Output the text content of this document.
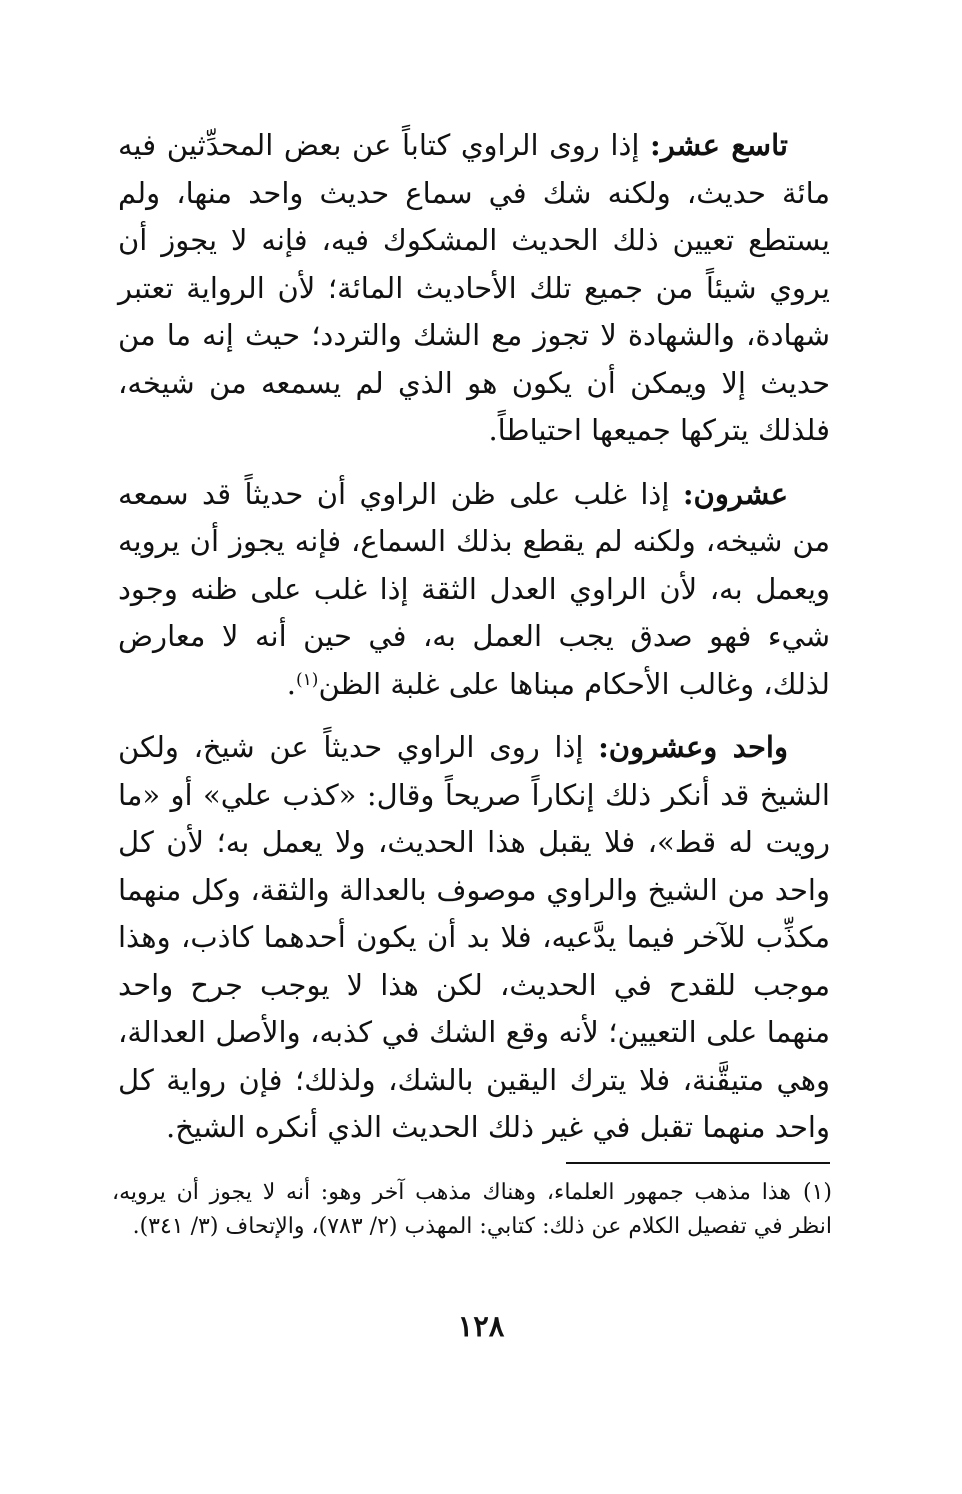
تاسع عشر: إذا روى الراوي كتاباً عن بعض المحدِّثين فيه مائة حديث، ولكنه شك في سماع حديث واحد منها، ولم يستطع تعيين ذلك الحديث المشكوك فيه، فإنه لا يجوز أن يروي شيئاً من جميع تلك الأحاديث المائة؛ لأن الرواية تعتبر شهادة، والشهادة لا تجوز مع الشك والتردد؛ حيث إنه ما من حديث إلا ويمكن أن يكون هو الذي لم يسمعه من شيخه، فلذلك يتركها جميعها احتياطاً.

عشرون: إذا غلب على ظن الراوي أن حديثاً قد سمعه من شيخه، ولكنه لم يقطع بذلك السماع، فإنه يجوز أن يرويه ويعمل به، لأن الراوي العدل الثقة إذا غلب على ظنه وجود شيء فهو صدق يجب العمل به، في حين أنه لا معارض لذلك، وغالب الأحكام مبناها على غلبة الظن$^{(١)}$.

واحد وعشرون: إذا روى الراوي حديثاً عن شيخ، ولكن الشيخ قد أنكر ذلك إنكاراً صريحاً وقال: «كذب علي» أو «ما رويت له قط»، فلا يقبل هذا الحديث، ولا يعمل به؛ لأن كل واحد من الشيخ والراوي موصوف بالعدالة والثقة، وكل منهما مكذِّب للآخر فيما يدَّعيه، فلا بد أن يكون أحدهما كاذب، وهذا موجب للقدح في الحديث، لكن هذا لا يوجب جرح واحد منهما على التعيين؛ لأنه وقع الشك في كذبه، والأصل العدالة، وهي متيقَّنة، فلا يترك اليقين بالشك، ولذلك؛ فإن رواية كل واحد منهما تقبل في غير ذلك الحديث الذي أنكره الشيخ.

(١)هذا مذهب جمهور العلماء، وهناك مذهب آخر وهو: أنه لا يجوز أن يرويه، انظر في تفصيل الكلام عن ذلك: كتابي: المهذب (٢/ ٧٨٣)، والإتحاف (٣/ ٣٤١).
١٢٨
